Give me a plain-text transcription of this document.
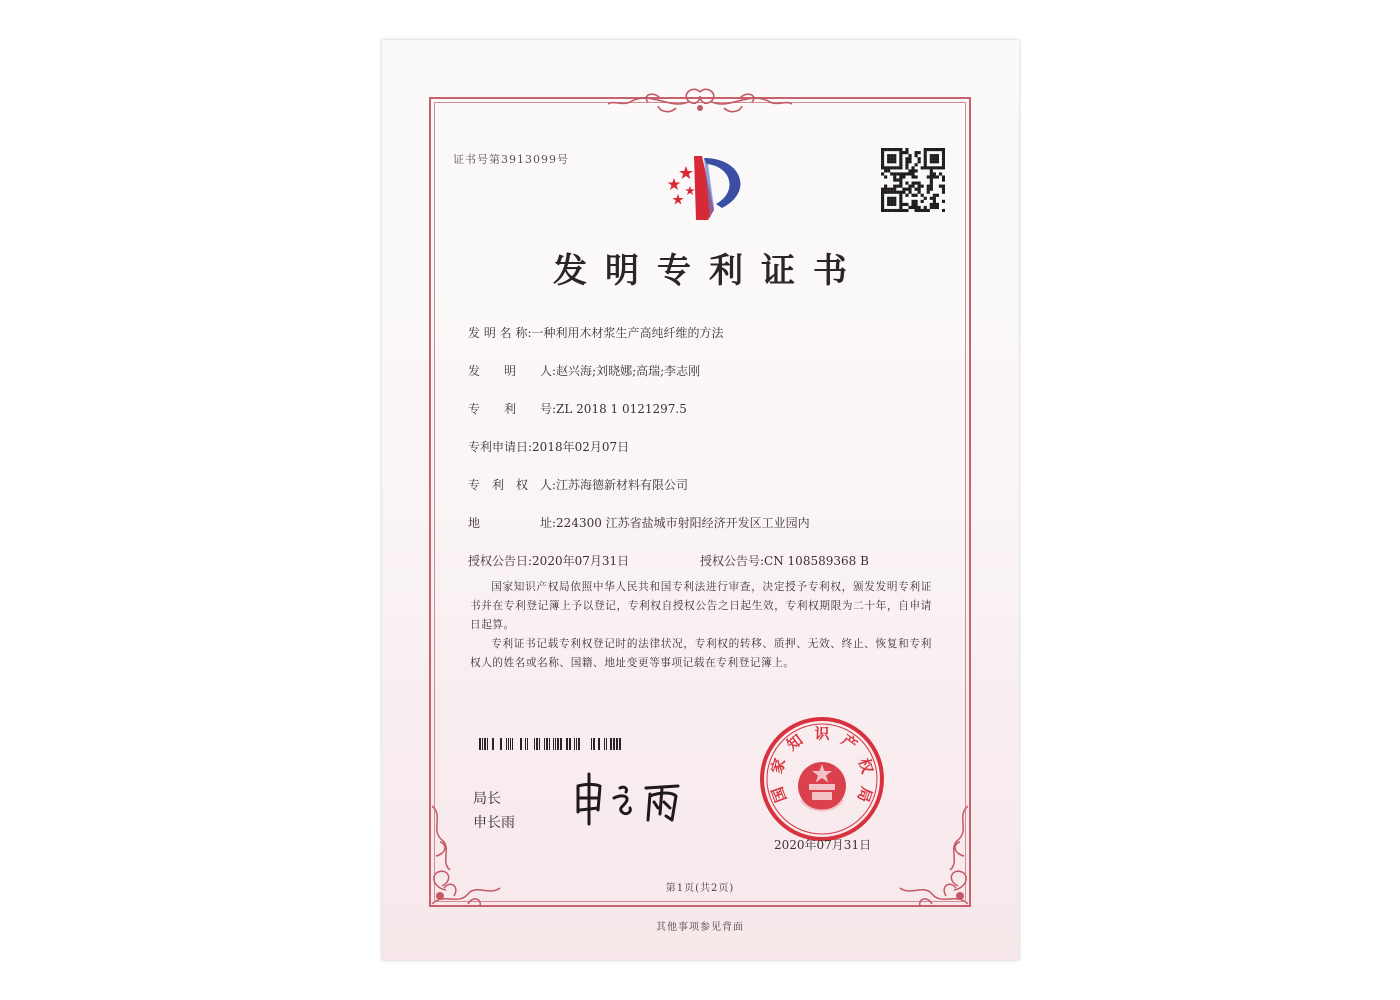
证书号第3913099号
发明专利证书
发 明 名 称:一种利用木材浆生产高纯纤维的方法
发　　明　　人:赵兴海;刘晓娜;高瑞;李志刚
专　　利　　号:ZL 2018 1 0121297.5
专利申请日:2018年02月07日
专　利　权　人:江苏海德新材料有限公司
地　　　　　址:224300 江苏省盐城市射阳经济开发区工业园内
授权公告日:2020年07月31日	授权公告号:CN 108589368 B

国家知识产权局依照中华人民共和国专利法进行审查，决定授予专利权，颁发发明专利证书并在专利登记簿上予以登记，专利权自授权公告之日起生效，专利权期限为二十年，自申请日起算。

专利证书记载专利权登记时的法律状况，专利权的转移、质押、无效、终止、恢复和专利权人的姓名或名称、国籍、地址变更等事项记载在专利登记簿上。

局长
申长雨
国
家
知 识 产
权
局
2020年07月31日
第1页(共2页)
其他事项参见背面
